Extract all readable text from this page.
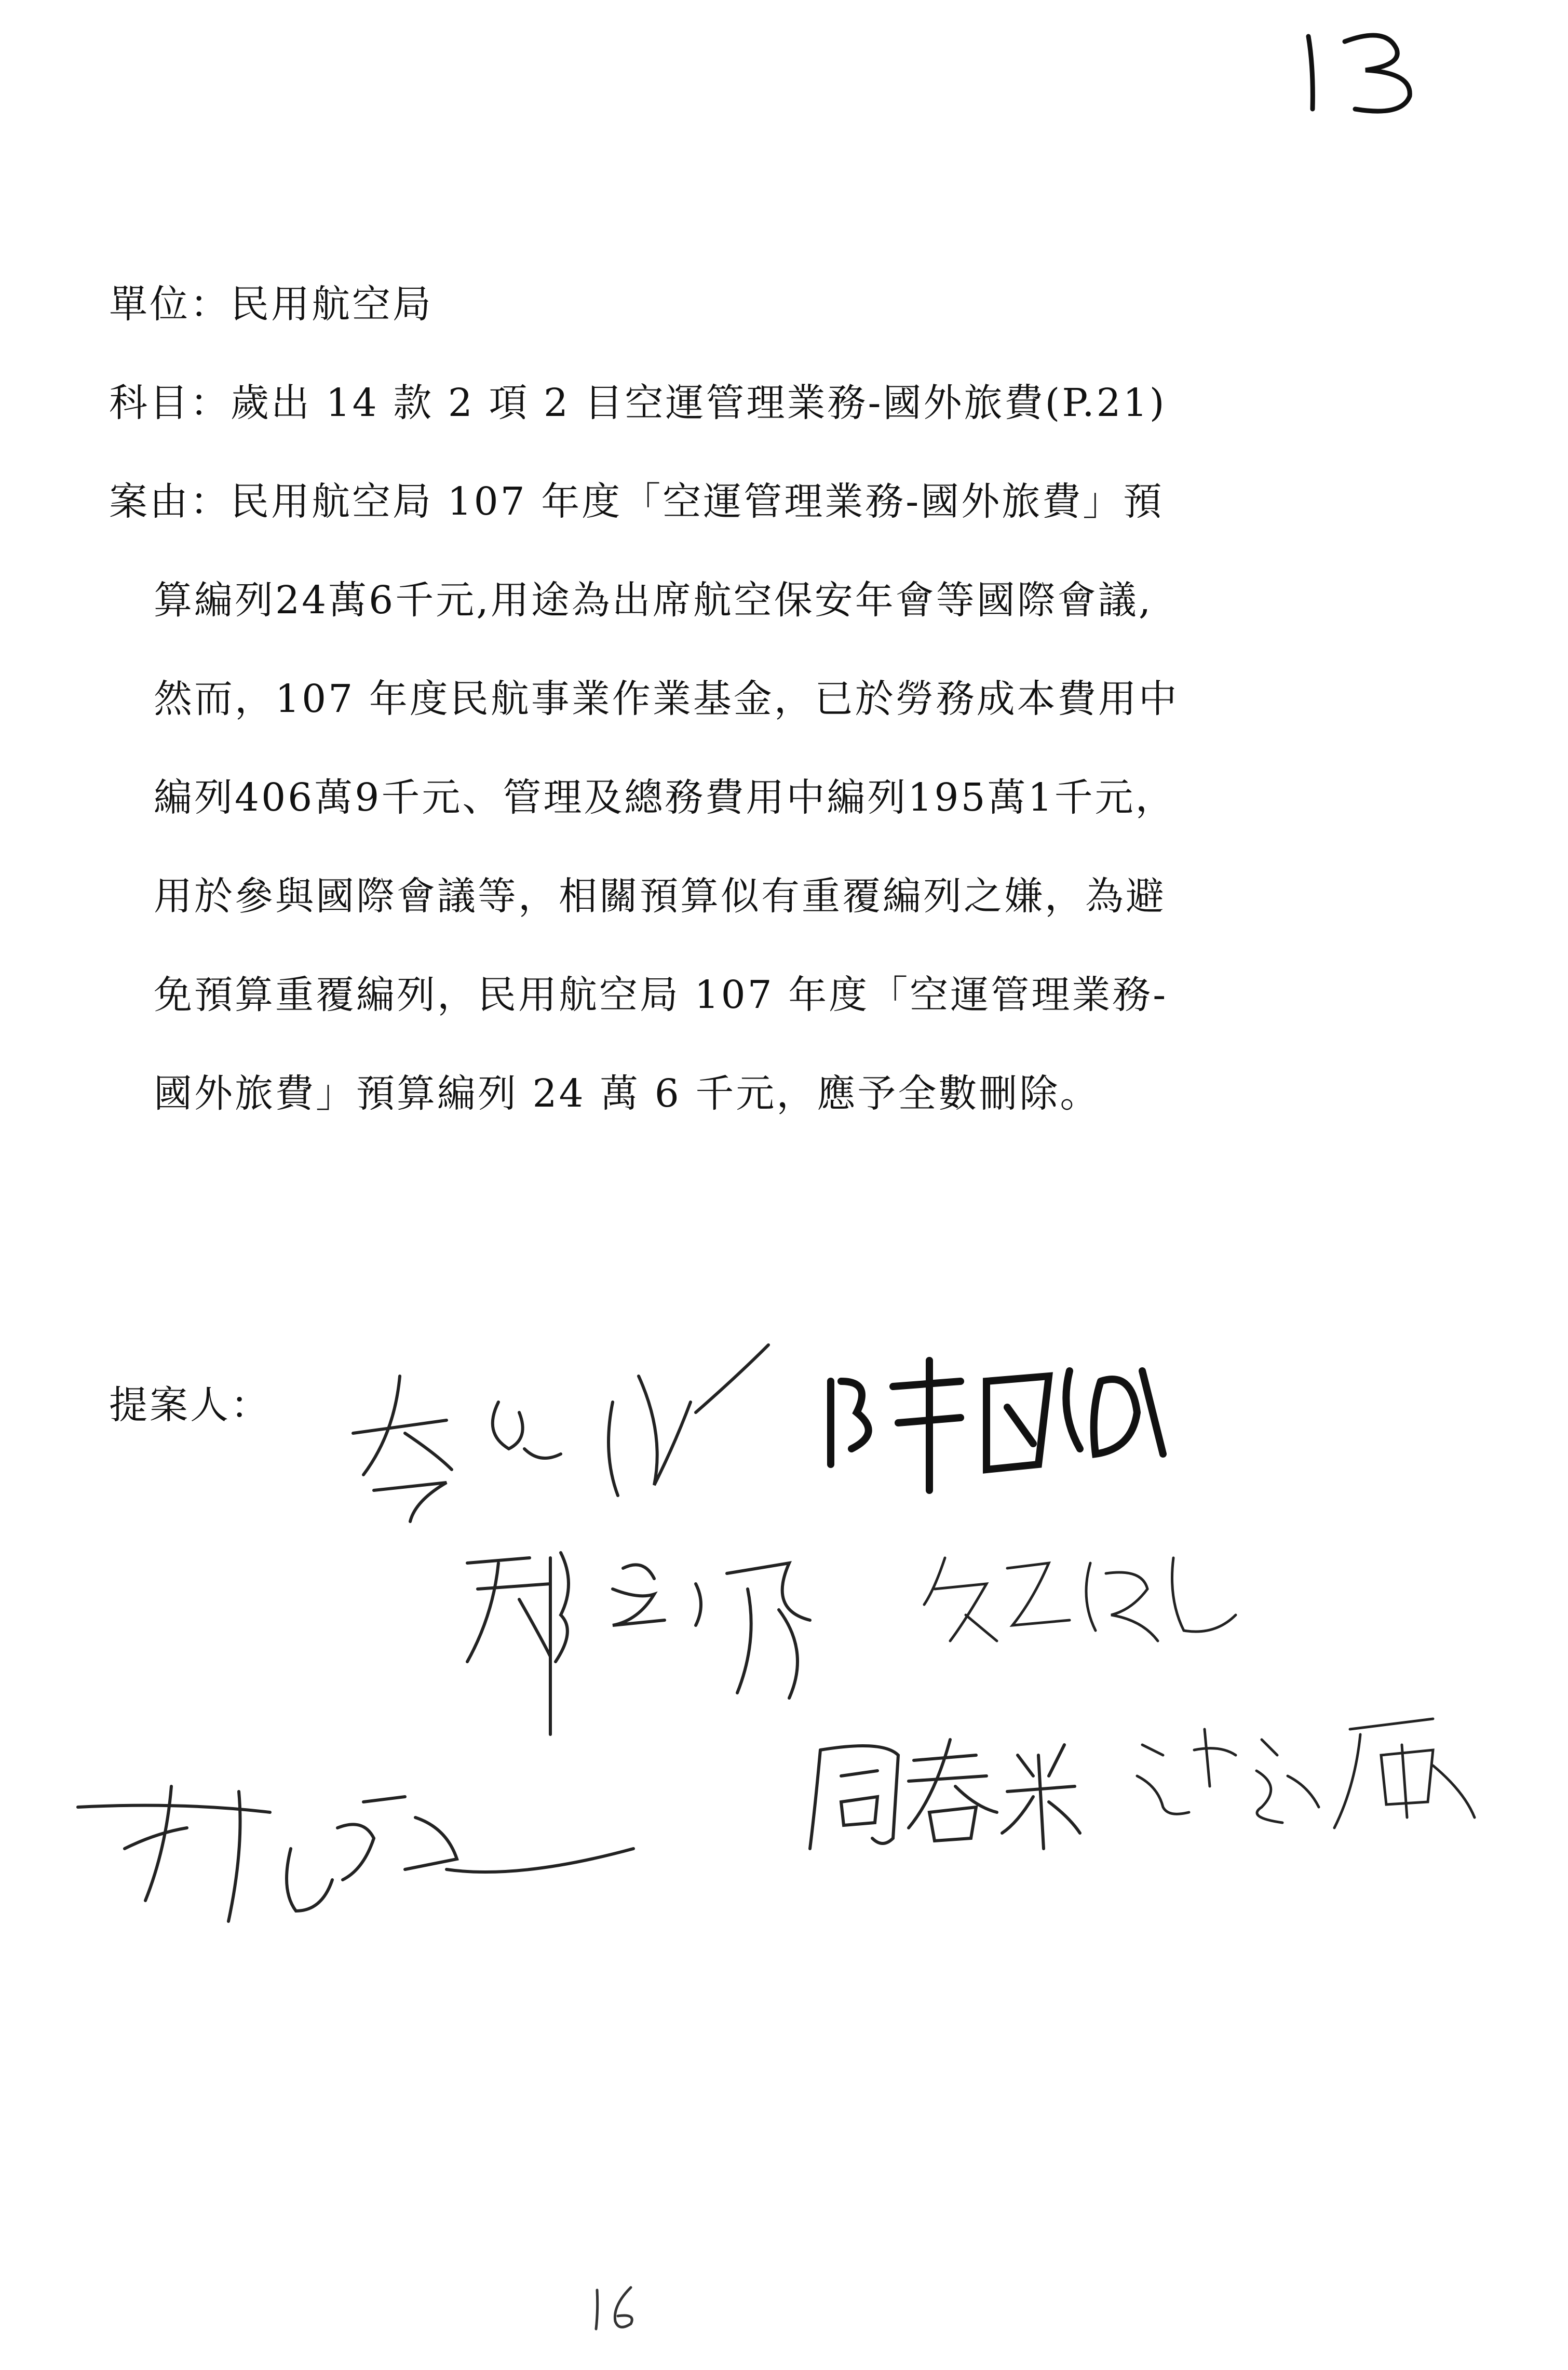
單位：民用航空局
科目：歲出 14 款 2 項 2 目空運管理業務-國外旅費(P.21)
案由：民用航空局 107 年度「空運管理業務-國外旅費」預
算編列24萬6千元,用途為出席航空保安年會等國際會議,
然而，107 年度民航事業作業基金，已於勞務成本費用中
編列406萬9千元、管理及總務費用中編列195萬1千元，
用於參與國際會議等，相關預算似有重覆編列之嫌，為避
免預算重覆編列，民用航空局 107 年度「空運管理業務-
國外旅費」預算編列 24 萬 6 千元，應予全數刪除。
提案人：
